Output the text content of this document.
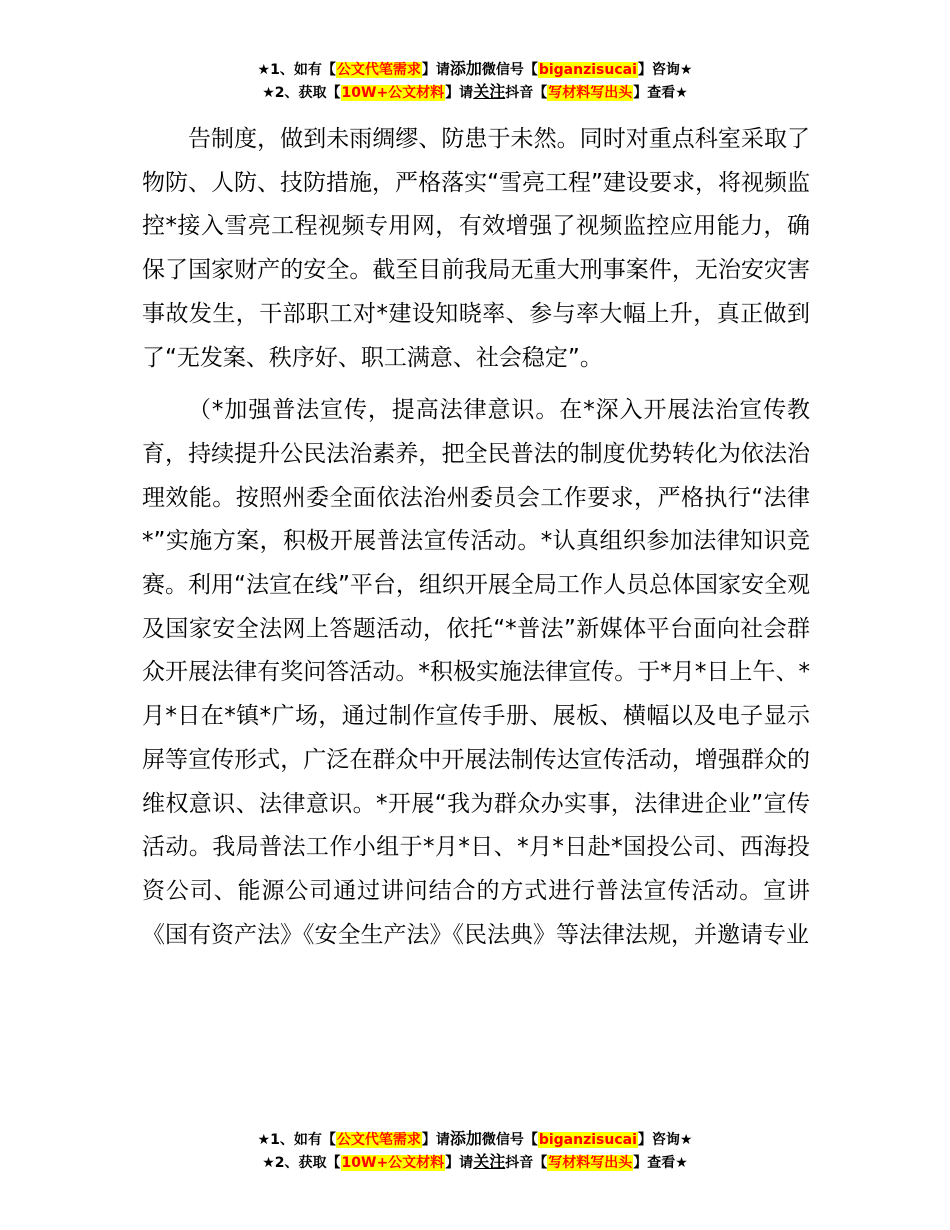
★1、如有【公文代笔需求】请添加微信号【biganzisucai】咨询★
★2、获取【10W+公文材料】请关注抖音【写材料写出头】查看★

告制度，做到未雨绸缪、防患于未然。同时对重点科室采取了物防、人防、技防措施，严格落实“雪亮工程”建设要求，将视频监控*接入雪亮工程视频专用网，有效增强了视频监控应用能力，确保了国家财产的安全。截至目前我局无重大刑事案件，无治安灾害事故发生，干部职工对*建设知晓率、参与率大幅上升，真正做到了“无发案、秩序好、职工满意、社会稳定”。

（*加强普法宣传，提高法律意识。在*深入开展法治宣传教育，持续提升公民法治素养，把全民普法的制度优势转化为依法治理效能。按照州委全面依法治州委员会工作要求，严格执行“法律*”实施方案，积极开展普法宣传活动。*认真组织参加法律知识竞赛。利用“法宣在线”平台，组织开展全局工作人员总体国家安全观及国家安全法网上答题活动，依托“*普法”新媒体平台面向社会群众开展法律有奖问答活动。*积极实施法律宣传。于*月*日上午、*月*日在*镇*广场，通过制作宣传手册、展板、横幅以及电子显示屏等宣传形式，广泛在群众中开展法制传达宣传活动，增强群众的维权意识、法律意识。*开展“我为群众办实事，法律进企业”宣传活动。我局普法工作小组于*月*日、*月*日赴*国投公司、西海投资公司、能源公司通过讲问结合的方式进行普法宣传活动。宣讲《国有资产法》《安全生产法》《民法典》等法律法规，并邀请专业

★1、如有【公文代笔需求】请添加微信号【biganzisucai】咨询★
★2、获取【10W+公文材料】请关注抖音【写材料写出头】查看★
